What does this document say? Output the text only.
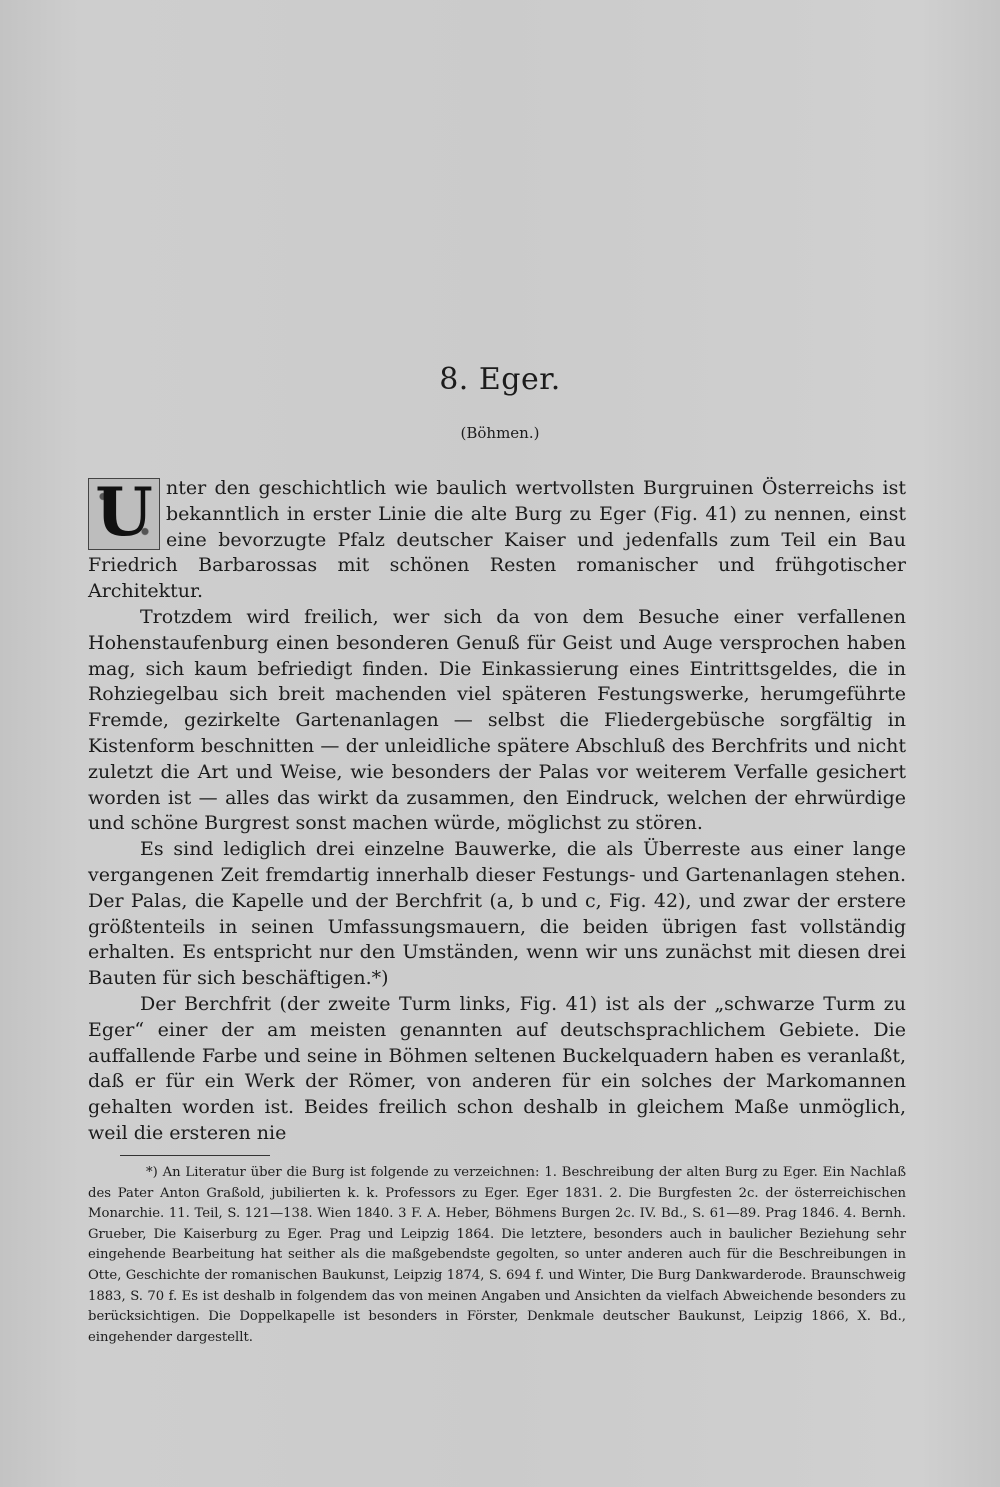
8. Eger.
(Böhmen.)

U nter den geschichtlich wie baulich wertvollsten Burgruinen Österreichs ist bekanntlich in erster Linie die alte Burg zu Eger (Fig. 41) zu nennen, einst eine bevorzugte Pfalz deutscher Kaiser und jedenfalls zum Teil ein Bau Friedrich Barbarossas mit schönen Resten romanischer und frühgotischer Architektur.

Trotzdem wird freilich, wer sich da von dem Besuche einer verfallenen Hohenstaufenburg einen besonderen Genuß für Geist und Auge versprochen haben mag, sich kaum befriedigt finden. Die Einkassierung eines Eintrittsgeldes, die in Rohziegelbau sich breit machenden viel späteren Festungswerke, herumgeführte Fremde, gezirkelte Gartenanlagen — selbst die Fliedergebüsche sorgfältig in Kistenform beschnitten — der unleidliche spätere Abschluß des Berchfrits und nicht zuletzt die Art und Weise, wie besonders der Palas vor weiterem Verfalle gesichert worden ist — alles das wirkt da zusammen, den Eindruck, welchen der ehrwürdige und schöne Burgrest sonst machen würde, möglichst zu stören.

Es sind lediglich drei einzelne Bauwerke, die als Überreste aus einer lange vergangenen Zeit fremdartig innerhalb dieser Festungs- und Gartenanlagen stehen. Der Palas, die Kapelle und der Berchfrit (a, b und c, Fig. 42), und zwar der erstere größtenteils in seinen Umfassungsmauern, die beiden übrigen fast vollständig erhalten. Es entspricht nur den Umständen, wenn wir uns zunächst mit diesen drei Bauten für sich beschäftigen.*)

Der Berchfrit (der zweite Turm links, Fig. 41) ist als der „schwarze Turm zu Eger“ einer der am meisten genannten auf deutschsprachlichem Gebiete. Die auffallende Farbe und seine in Böhmen seltenen Buckelquadern haben es veranlaßt, daß er für ein Werk der Römer, von anderen für ein solches der Markomannen gehalten worden ist. Beides freilich schon deshalb in gleichem Maße unmöglich, weil die ersteren nie

*) An Literatur über die Burg ist folgende zu verzeichnen: 1. Beschreibung der alten Burg zu Eger. Ein Nachlaß des Pater Anton Graßold, jubilierten k. k. Professors zu Eger. Eger 1831. 2. Die Burgfesten 2c. der österreichischen Monarchie. 11. Teil, S. 121—138. Wien 1840. 3 F. A. Heber, Böhmens Burgen 2c. IV. Bd., S. 61—89. Prag 1846. 4. Bernh. Grueber, Die Kaiserburg zu Eger. Prag und Leipzig 1864. Die letztere, besonders auch in baulicher Beziehung sehr eingehende Bearbeitung hat seither als die maßgebendste gegolten, so unter anderen auch für die Beschreibungen in Otte, Geschichte der romanischen Baukunst, Leipzig 1874, S. 694 f. und Winter, Die Burg Dankwarderode. Braunschweig 1883, S. 70 f. Es ist deshalb in folgendem das von meinen Angaben und Ansichten da vielfach Abweichende besonders zu berücksichtigen. Die Doppelkapelle ist besonders in Förster, Denkmale deutscher Baukunst, Leipzig 1866, X. Bd., eingehender dargestellt.
